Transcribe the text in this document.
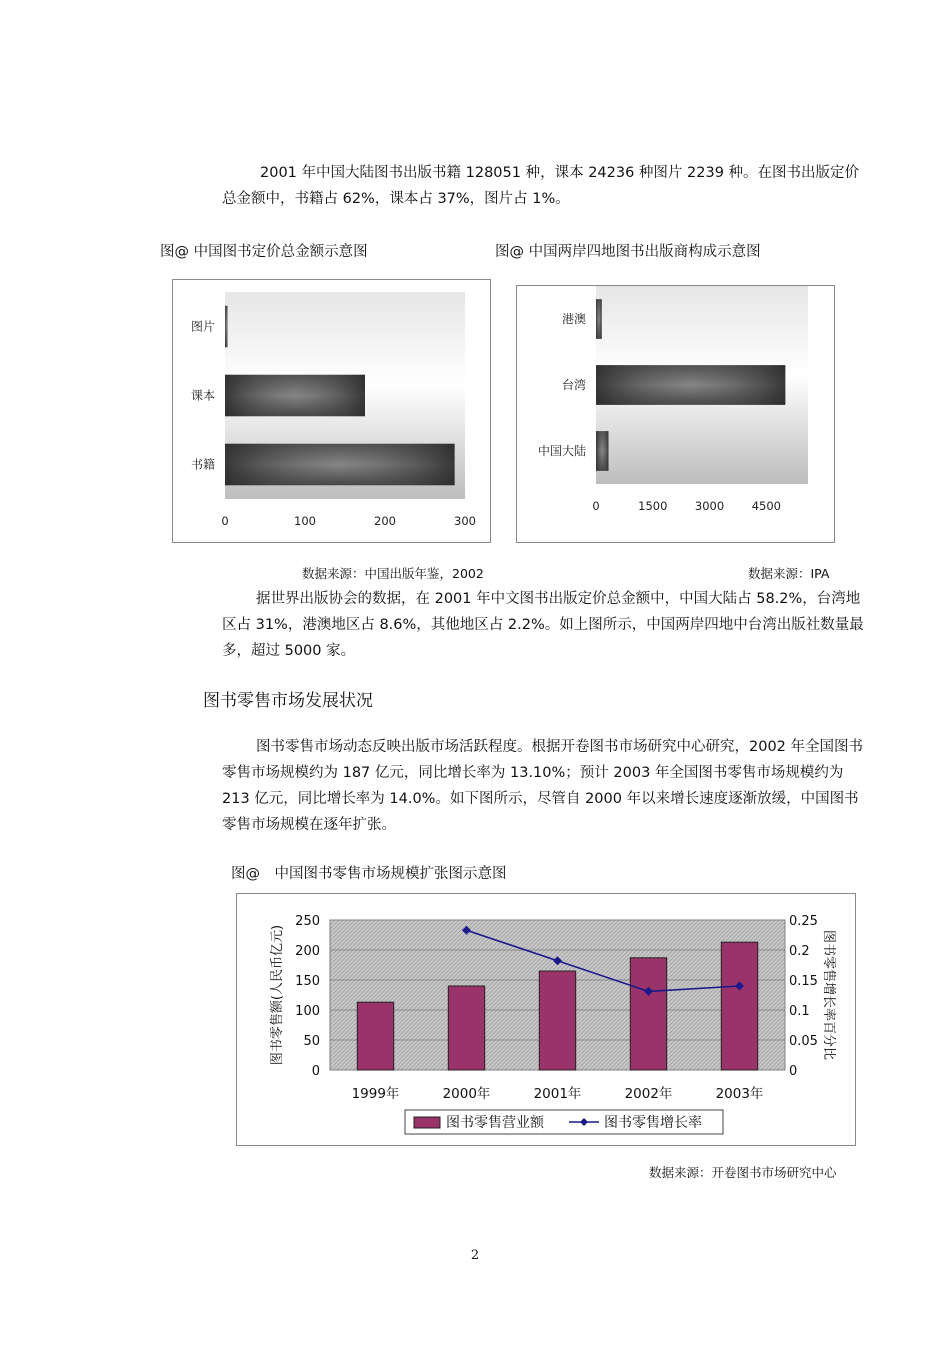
2001 年中国大陆图书出版书籍 128051 种，课本 24236 种图片 2239 种。在图书出版定价总金额中，书籍占 62%，课本占 37%，图片占 1%。

图@ 中国图书定价总金额示意图	图@ 中国两岸四地图书出版商构成示意图

图片
课本
书籍
0	100	200	300
港澳
台湾
中国大陆
0	1500 3000 4500
数据来源：中国出版年鉴，2002	数据来源：IPA

据世界出版协会的数据，在 2001 年中文图书出版定价总金额中，中国大陆占 58.2%，台湾地区占 31%，港澳地区占 8.6%，其他地区占 2.2%。如上图所示，中国两岸四地中台湾出版社数量最多，超过 5000 家。

图书零售市场发展状况

图书零售市场动态反映出版市场活跃程度。根据开卷图书市场研究中心研究，2002 年全国图书零售市场规模约为 187 亿元，同比增长率为 13.10%；预计 2003 年全国图书零售市场规模约为 213 亿元，同比增长率为 14.0%。如下图所示，尽管自 2000 年以来增长速度逐渐放缓，中国图书零售市场规模在逐年扩张。

图@　中国图书零售市场规模扩张图示意图

0
50
100
150
200
250
0
0.05
0.1
0.15
0.2
0.25
1999年	2000年	2001年	2002年	2003年
图书零售额(人民币亿元)	图书零售增长率百分比
图书零售营业额	图书零售增长率
数据来源：开卷图书市场研究中心
2
